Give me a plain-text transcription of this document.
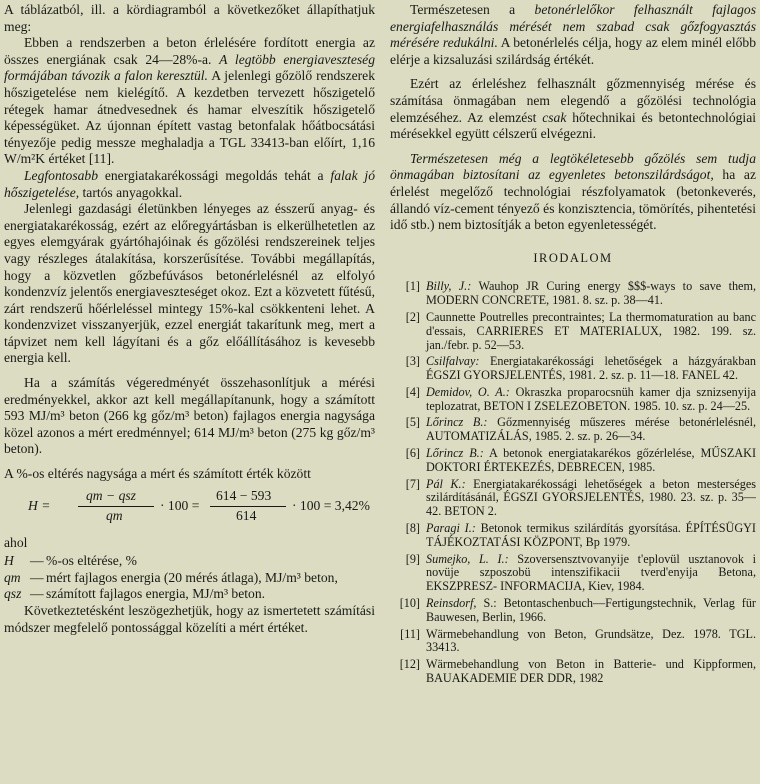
A táblázatból, ill. a kördiagramból a következőket állapíthatjuk meg:

Ebben a rendszerben a beton érlelésére fordított energia az összes energiának csak 24—28%-a. A legtöbb energiaveszteség formájában távozik a falon keresztül. A jelenlegi gőzölő rendszerek hőszigetelése nem kielégítő. A kezdetben tervezett hőszigetelő rétegek hamar átnedvesednek és hamar elveszítik hőszigetelő képességüket. Az újonnan épített vastag betonfalak hőátbocsátási tényezője pedig messze meghaladja a TGL 33413-ban előírt, 1,16 W/m²K értéket [11].

Legfontosabb energiatakarékossági megoldás tehát a falak jó hőszigetelése, tartós anyagokkal.

Jelenlegi gazdasági életünkben lényeges az ésszerű anyag- és energiatakarékosság, ezért az előregyártásban is elkerülhetetlen az egyes elemgyárak gyártóhajóinak és gőzölési rendszereinek teljes vagy részleges átalakítása, korszerűsítése. További megállapítás, hogy a közvetlen gőzbefúvásos betonérlelésnél az elfolyó kondenzvíz jelentős energiaveszteséget okoz. Ezt a közvetett fűtésű, zárt rendszerű hőérleléssel mintegy 15%-kal csökkenteni lehet. A kondenzvizet visszanyerjük, ezzel energiát takarítunk meg, mert a tápvizet nem kell lágyítani és a gőz előállításához is kevesebb energia kell.

Ha a számítás végeredményét összehasonlítjuk a mérési eredményekkel, akkor azt kell megállapítanunk, hogy a számított 593 MJ/m³ beton (266 kg gőz/m³ beton) fajlagos energia nagysága közel azonos a mért eredménnyel; 614 MJ/m³ beton (275 kg gőz/m³ beton).

A %-os eltérés nagysága a mért és számított érték között

H =
qm − qsz
qm
· 100 =
614 − 593
614
· 100 = 3,42%

ahol

H	— %-os eltérése, %
qm — mért fajlagos energia (20 mérés átlaga), MJ/m³ beton,
qsz — számított fajlagos energia, MJ/m³ beton.

Következtetésként leszögezhetjük, hogy az ismertetett számítási módszer megfelelő pontossággal közelíti a mért értéket.

Természetesen a betonérlelőkor felhasznált fajlagos energiafelhasználás mérését nem szabad csak gőzfogyasztás mérésére redukálni. A betonérlelés célja, hogy az elem minél előbb elérje a kizsaluzási szilárdság értékét.

Ezért az érleléshez felhasznált gőzmennyiség mérése és számítása önmagában nem elegendő a gőzölési technológia elemzéséhez. Az elemzést csak hőtechnikai és betontechnológiai mérésekkel együtt célszerű elvégezni.

Természetesen még a legtökéletesebb gőzölés sem tudja önmagában biztosítani az egyenletes betonszilárdságot, ha az érlelést megelőző technológiai részfolyamatok (betonkeverés, állandó víz-cement tényező és konzisztencia, tömörítés, pihentetési idő stb.) nem biztosítják a beton egyenletességét.

IRODALOM
[1] Billy, J.: Wauhop JR Curing energy $$$-ways to save them, MODERN CONCRETE, 1981. 8. sz. p. 38—41.
[2] Caunnette Poutrelles precontraintes; La thermomaturation au banc d'essais, CARRIERES ET MATERIALUX, 1982. 199. sz. jan./febr. p. 52—53.
[3] Csilfalvay: Energiatakarékossági lehetőségek a házgyárakban ÉGSZI GYORSJELENTÉS, 1981. 2. sz. p. 11—18. FANEL 42.
[4] Demidov, O. A.: Okraszka proparocsnüh kamer dja sznizsenyija teplozatrat, BETON I ZSELEZOBETON. 1985. 10. sz. p. 24—25.
[5] Lőrincz B.: Gőzmennyiség műszeres mérése betonérlelésnél, AUTOMATIZÁLÁS, 1985. 2. sz. p. 26—34.
[6] Lőrincz B.: A betonok energiatakarékos gőzérlelése, MŰSZAKI DOKTORI ÉRTEKEZÉS, DEBRECEN, 1985.
[7] Pál K.: Energiatakarékossági lehetőségek a beton mesterséges szilárdításánál, ÉGSZI GYORSJELENTÉS, 1980. 23. sz. p. 35—42. BETON 2.
[8] Paragi I.: Betonok termikus szilárdítás gyorsítása. ÉPÍTÉSÜGYI TÁJÉKOZTATÁSI KÖZPONT, Bp 1979.
[9] Sumejko, L. I.: Szoversensztvovanyije t'eplovül usztanovok i novüje szposzobü intenszifikacii tverd'enyija Betona, EKSZPRESZ- INFORMACIJA, Kiev, 1984.
[10] Reinsdorf, S.: Betontaschenbuch—Fertigungstechnik, Verlag für Bauwesen, Berlin, 1966.
[11] Wärmebehandlung von Beton, Grundsätze, Dez. 1978. TGL. 33413.
[12] Wärmebehandlung von Beton in Batterie- und Kippformen, BAUAKADEMIE DER DDR, 1982
